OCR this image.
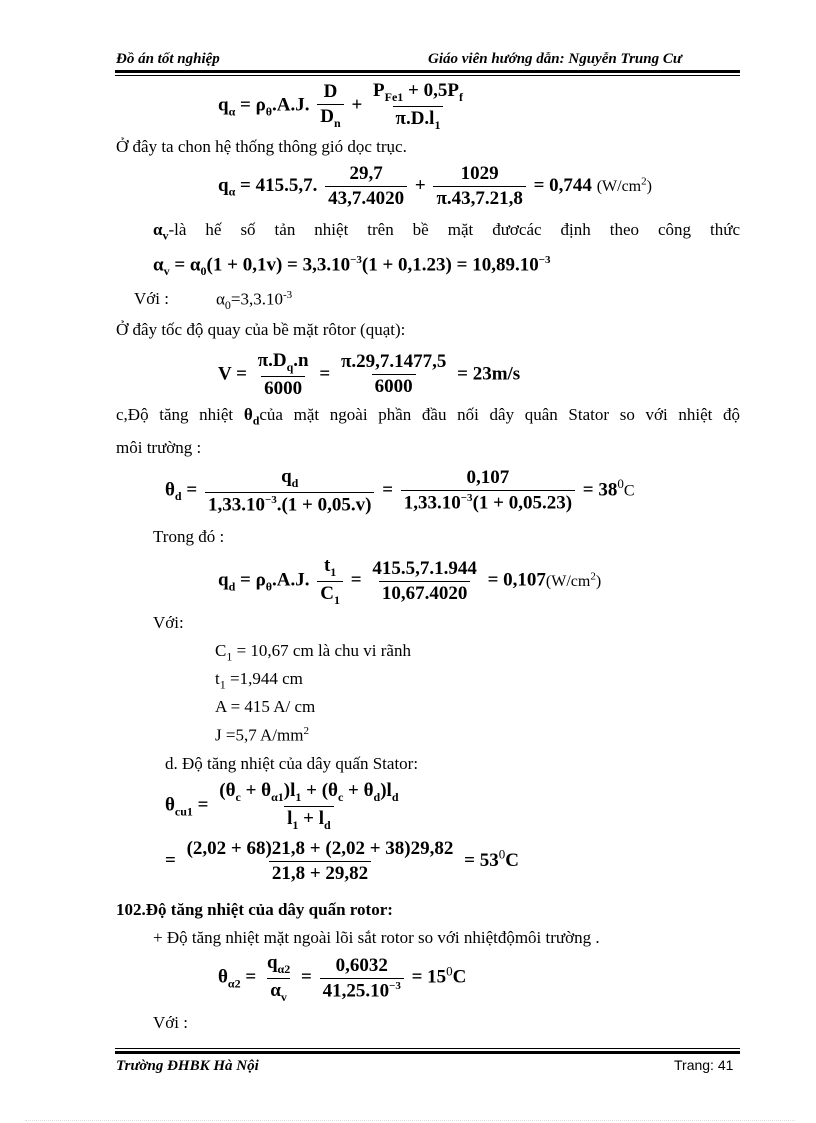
Đồ án tốt nghiệp	Giáo viên hướng dẫn: Nguyễn Trung Cư
$q_\alpha = \rho_\theta.A.J$. $\frac{D}{D_n} + \frac{P_{Fe1} + 0,5P_f}{\pi.D.l_1}$
Ở đây ta chon hệ thống thông gió dọc trục.
$q_\alpha = 415.5,7$. $\frac{29,7}{43,7.4020} + \frac{1029}{\pi.43,7.21,8} = 0,744$ $(W/cm^2)$
$\alpha_v-là$ hế số tản nhiệt trên bề mặt đươcác định theo công thức
$\alpha_v = \alpha_0(1 + 0,1v) = 3,3.10^{-3}(1 + 0,1.23) = 10,89.10^{-3}$
Với :	$\alpha_0=3,3.10^{-3}$
Ở đây tốc độ quay của bề mặt rôtor (quạt):
$V = \frac{\pi.D_q.n}{6000} = \frac{\pi.29,7.1477,5}{6000} = 23m/s$
c,Độ tăng nhiệt $\theta_dcủa$ mặt ngoài phần đầu nối dây quân Stator so với nhiệt độ
môi trường :
$\theta_d = \frac{q_d}{1,33.10^{-3}.(1 + 0,05.v)} = \frac{0,107}{1,33.10^{-3}(1 + 0,05.23)} = 38^0C$
Trong đó :
$q_d = \rho_\theta.A.J$. $\frac{t_1}{C_1} = \frac{415.5,7.1.944}{10,67.4020} = 0,107(W/cm^2)$
Với:
$C_1 = 10,67$ cm là chu vi rãnh
$t_1 =1,944$ cm
A = 415 A/ cm
J =5,7 $A/mm^2$
d. Độ tăng nhiệt của dây quấn Stator:
$\theta_{cu1} = \frac{(\theta_c + \theta_{\alpha 1})l_1 + (\theta_c + \theta_d)l_d}{l_1 + l_d}$
= $\frac{(2,02 + 68)21,8 + (2,02 + 38)29,82}{21,8 + 29,82} = 53^0C$
102.Độ tăng nhiệt của dây quấn rotor:
+ Độ tăng nhiệt mặt ngoài lõi sắt rotor so với nhiệtđộmôi trường .
$\theta_{\alpha 2} = \frac{q_{\alpha 2}}{\alpha_v} = \frac{0,6032}{41,25.10^{-3}} = 15^0C$
Với :
Trường ĐHBK Hà Nội	Trang: 41
